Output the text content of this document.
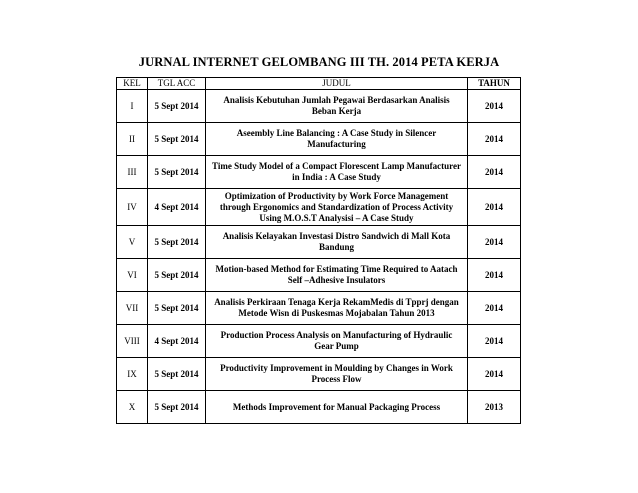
JURNAL INTERNET GELOMBANG III TH. 2014 PETA KERJA
KEL	TGL ACC	JUDUL	TAHUN
I	5 Sept 2014	Analisis Kebutuhan Jumlah Pegawai Berdasarkan Analisis Beban Kerja	2014
II	5 Sept 2014	Aseembly Line Balancing : A Case Study in Silencer Manufacturing	2014
III	5 Sept 2014	Time Study Model of a Compact Florescent Lamp Manufacturer in India : A Case Study	2014
IV	4 Sept 2014	Optimization of Productivity by Work Force Management through Ergonomics and Standardization of Process Activity Using M.O.S.T Analysisi – A Case Study	2014
V	5 Sept 2014	Analisis Kelayakan Investasi Distro Sandwich di Mall Kota Bandung	2014
VI	5 Sept 2014	Motion-based Method for Estimating Time Required to Aatach Self –Adhesive Insulators	2014
VII	5 Sept 2014	Analisis Perkiraan Tenaga Kerja RekamMedis di Tpprj dengan Metode Wisn di Puskesmas Mojabalan Tahun 2013	2014
VIII	4 Sept 2014	Production Process Analysis on Manufacturing of Hydraulic Gear Pump	2014
IX	5 Sept 2014	Productivity Improvement in Moulding by Changes in Work Process Flow	2014
X	5 Sept 2014	Methods Improvement for Manual Packaging Process	2013
